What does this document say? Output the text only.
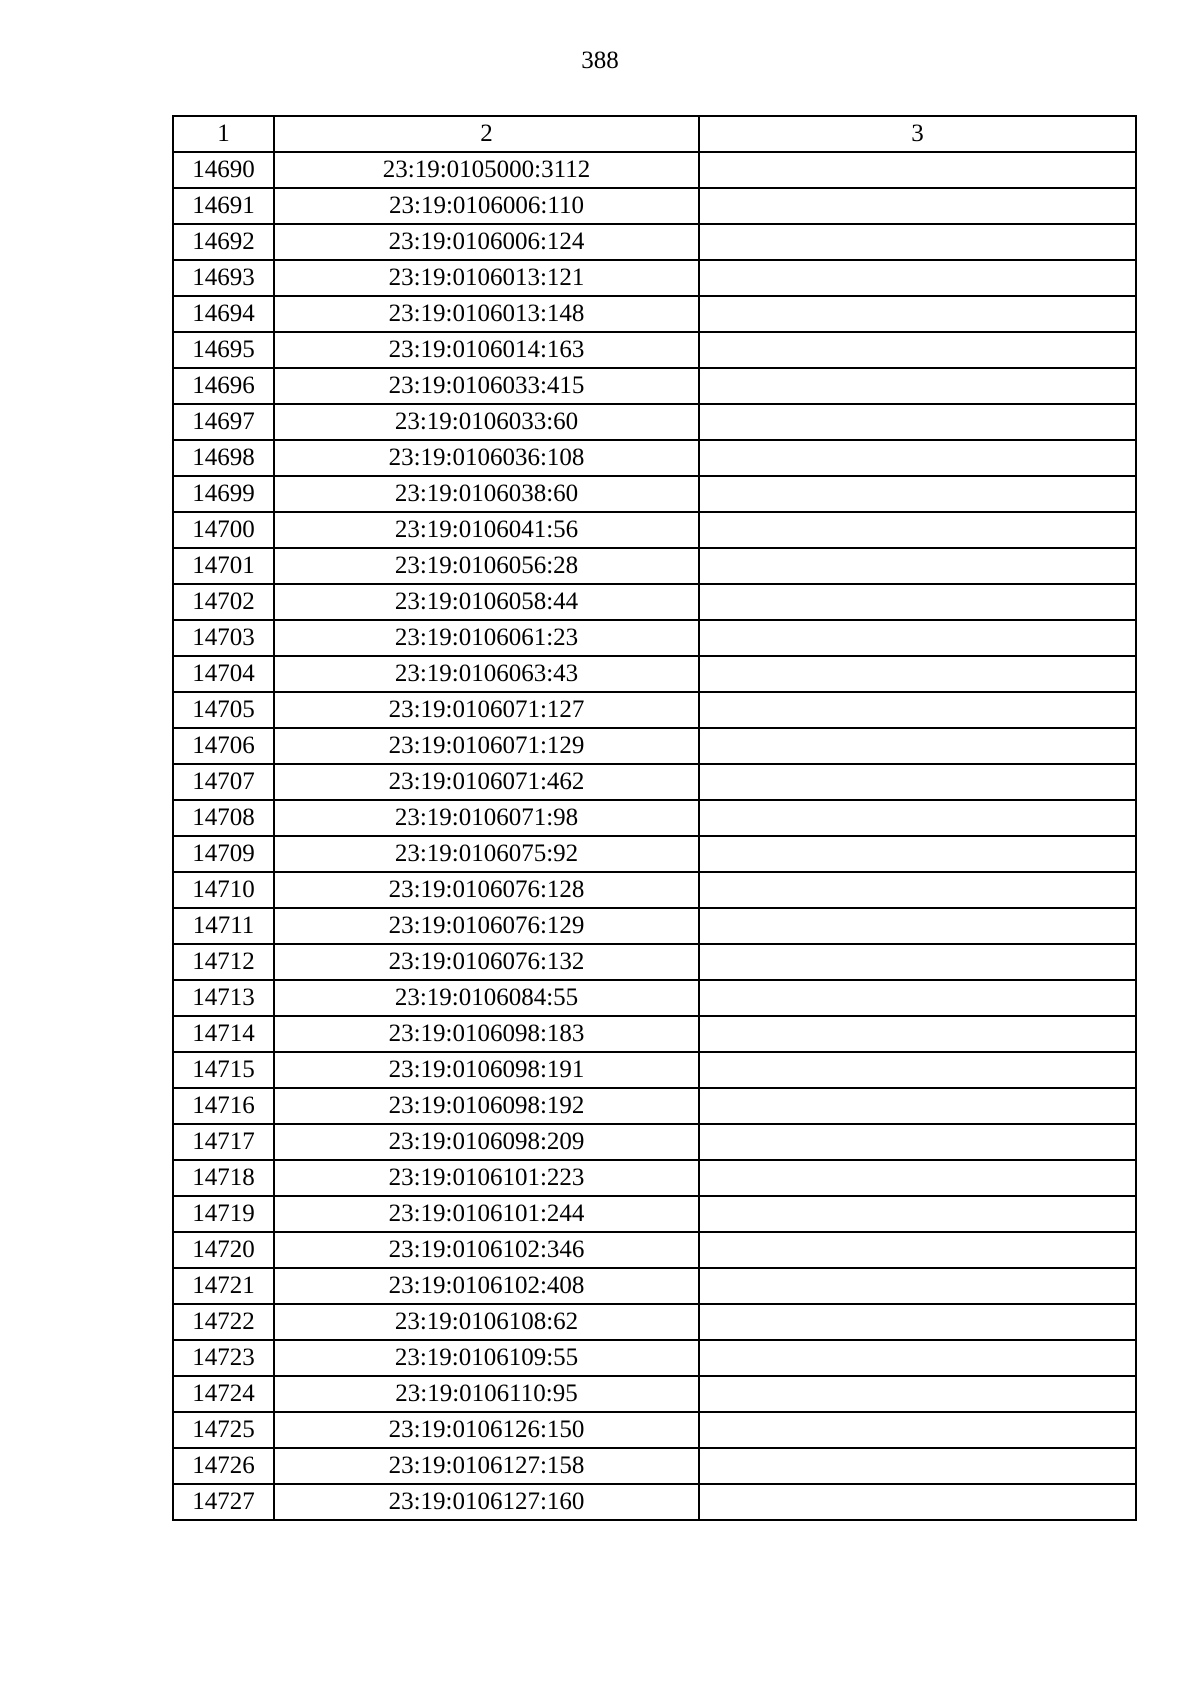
388
1	2	3
14690	23:19:0105000:3112	
14691	23:19:0106006:110	
14692	23:19:0106006:124	
14693	23:19:0106013:121	
14694	23:19:0106013:148	
14695	23:19:0106014:163	
14696	23:19:0106033:415	
14697	23:19:0106033:60	
14698	23:19:0106036:108	
14699	23:19:0106038:60	
14700	23:19:0106041:56	
14701	23:19:0106056:28	
14702	23:19:0106058:44	
14703	23:19:0106061:23	
14704	23:19:0106063:43	
14705	23:19:0106071:127	
14706	23:19:0106071:129	
14707	23:19:0106071:462	
14708	23:19:0106071:98	
14709	23:19:0106075:92	
14710	23:19:0106076:128	
14711	23:19:0106076:129	
14712	23:19:0106076:132	
14713	23:19:0106084:55	
14714	23:19:0106098:183	
14715	23:19:0106098:191	
14716	23:19:0106098:192	
14717	23:19:0106098:209	
14718	23:19:0106101:223	
14719	23:19:0106101:244	
14720	23:19:0106102:346	
14721	23:19:0106102:408	
14722	23:19:0106108:62	
14723	23:19:0106109:55	
14724	23:19:0106110:95	
14725	23:19:0106126:150	
14726	23:19:0106127:158	
14727	23:19:0106127:160	
